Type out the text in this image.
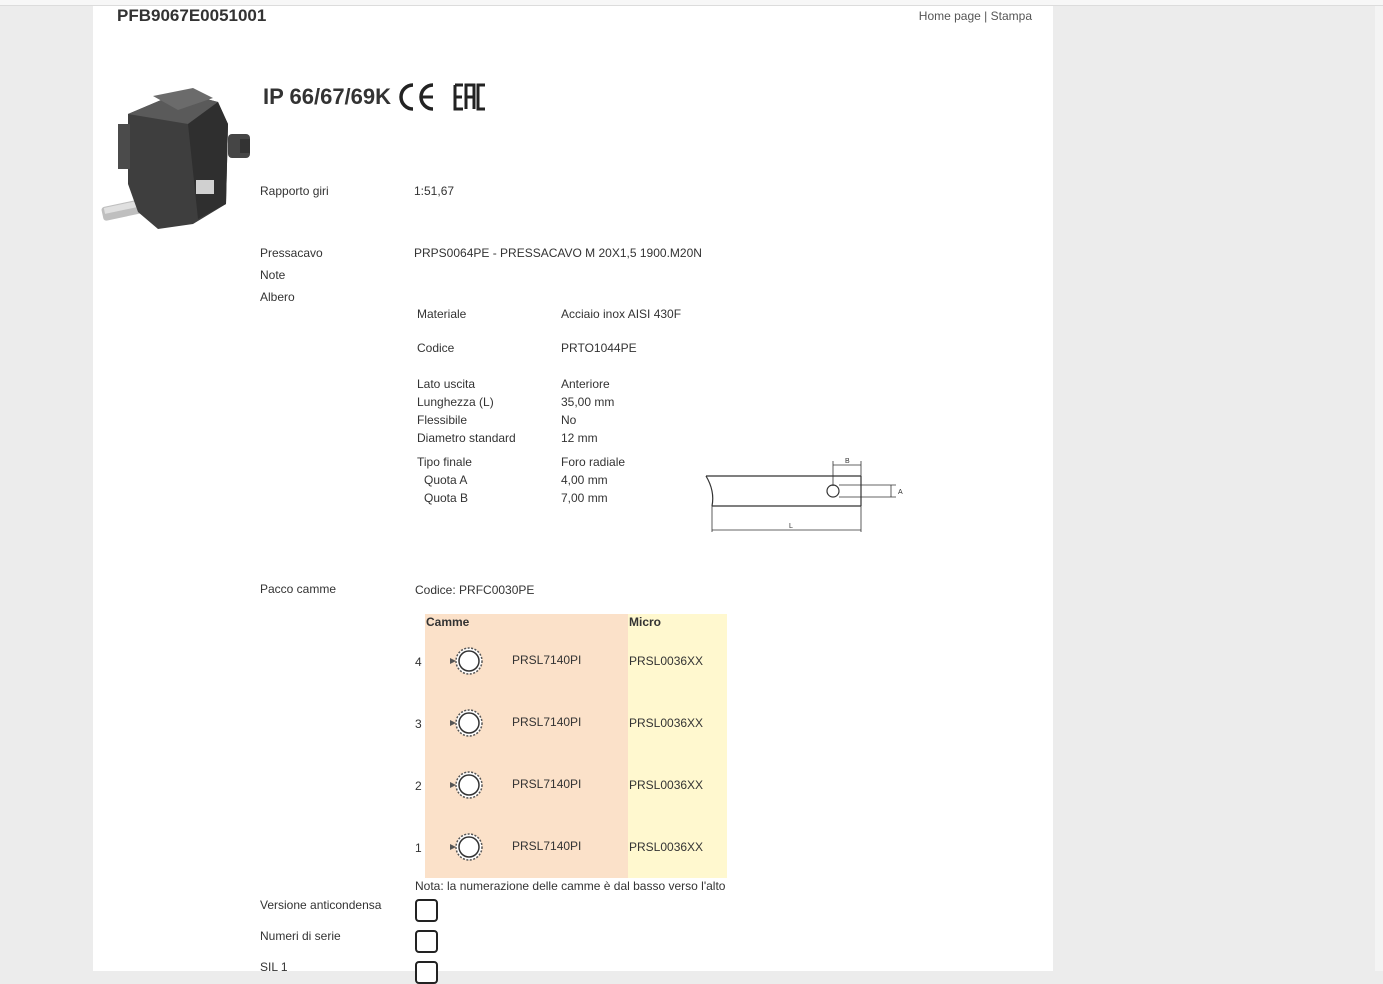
PFB9067E0051001	Home page | Stampa
IP 66/67/69K
Rapporto giri	1:51,67
Pressacavo	PRPS0064PE - PRESSACAVO M 20X1,5 1900.M20N
Note
Albero
Materiale	Acciaio inox AISI 430F
Codice	PRTO1044PE
Lato uscita	Anteriore
Lunghezza (L)	35,00 mm
Flessibile	No
Diametro standard	12 mm
Tipo finale	Foro radiale
Quota A	4,00 mm
Quota B	7,00 mm
B
A
L
Pacco camme	Codice: PRFC0030PE
Camme	Micro
4	PRSL7140PI	PRSL0036XX
3	PRSL7140PI	PRSL0036XX
2	PRSL7140PI	PRSL0036XX
1	PRSL7140PI	PRSL0036XX
Nota: la numerazione delle camme è dal basso verso l'alto
Versione anticondensa
Numeri di serie
SIL 1
